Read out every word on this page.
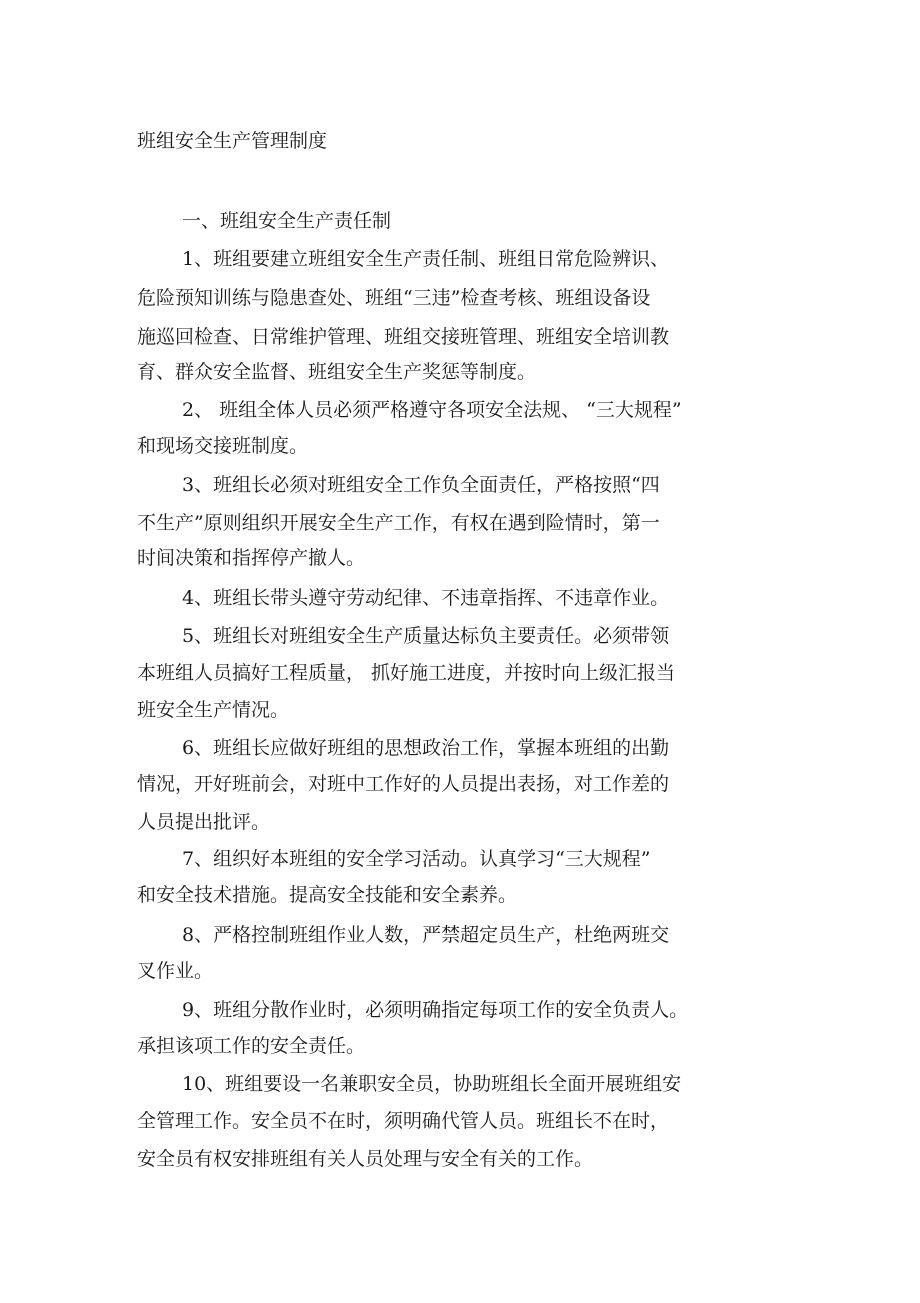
班组安全生产管理制度
一、班组安全生产责任制
1、班组要建立班组安全生产责任制、班组日常危险辨识、
危险预知训练与隐患查处、班组“三违”检查考核、班组设备设
施巡回检查、日常维护管理、班组交接班管理、班组安全培训教
育、群众安全监督、班组安全生产奖惩等制度。
2、 班组全体人员必须严格遵守各项安全法规、 “三大规程”
和现场交接班制度。
3、班组长必须对班组安全工作负全面责任，严格按照“四
不生产”原则组织开展安全生产工作，有权在遇到险情时，第一
时间决策和指挥停产撤人。
4、班组长带头遵守劳动纪律、不违章指挥、不违章作业。
5、班组长对班组安全生产质量达标负主要责任。必须带领
本班组人员搞好工程质量， 抓好施工进度，并按时向上级汇报当
班安全生产情况。
6、班组长应做好班组的思想政治工作，掌握本班组的出勤
情况，开好班前会，对班中工作好的人员提出表扬，对工作差的
人员提出批评。
7、组织好本班组的安全学习活动。认真学习“三大规程”
和安全技术措施。提高安全技能和安全素养。
8、严格控制班组作业人数，严禁超定员生产，杜绝两班交
叉作业。
9、班组分散作业时，必须明确指定每项工作的安全负责人。
承担该项工作的安全责任。
10、班组要设一名兼职安全员，协助班组长全面开展班组安
全管理工作。安全员不在时，须明确代管人员。班组长不在时，
安全员有权安排班组有关人员处理与安全有关的工作。
